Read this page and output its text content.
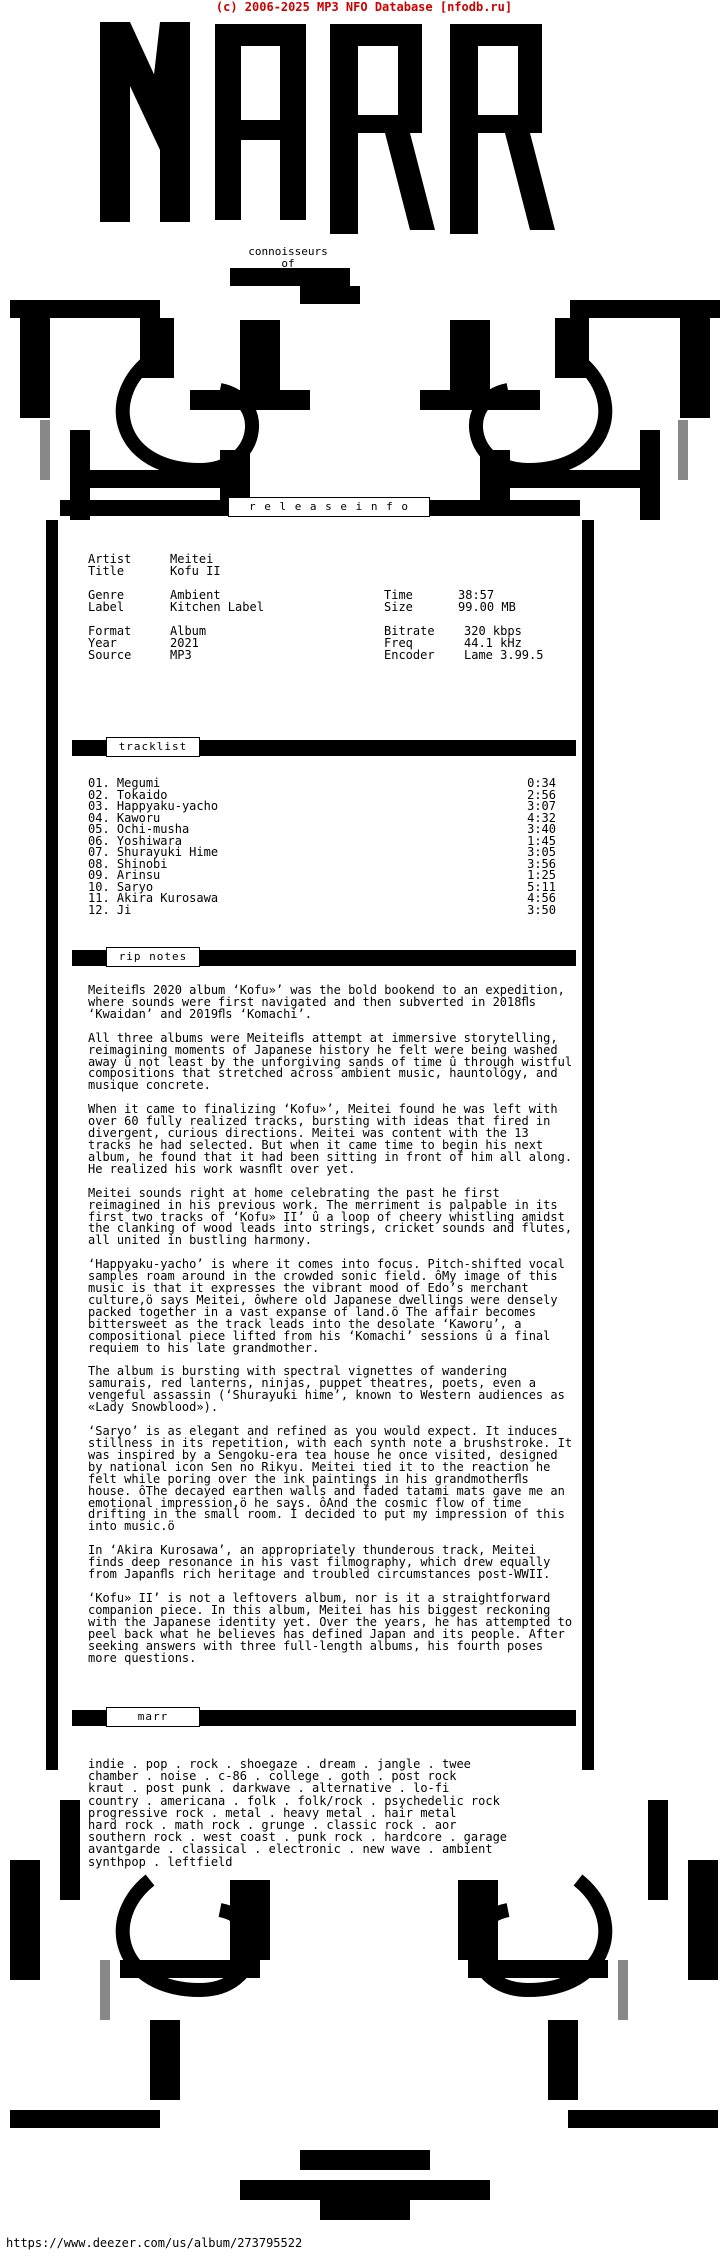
(c) 2006-2025 MP3 NFO Database [nfodb.ru]
connoisseurs
of
classics
r e l e a s e i n f o
Artist	Meitei
Title	Kofu II
Genre	Ambient
Label	Kitchen Label
Time	38:57
Size	99.00 MB
Format	Album
Year	2021
Source	MP3
Bitrate 320 kbps
Freq	44.1 kHz
Encoder Lame 3.99.5
tracklist
01. Megumi	0:34
02. Tokaido	2:56
03. Happyaku-yacho	3:07
04. Kaworu	4:32
05. Ochi-musha	3:40
06. Yoshiwara	1:45
07. Shurayuki Hime	3:05
08. Shinobi	3:56
09. Arinsu	1:25
10. Saryo	5:11
11. Akira Kurosawa	4:56
12. Ji	3:50
rip notes

Meiteiﬂs 2020 album ‘Kofu»’ was the bold bookend to an expedition, where sounds were first navigated and then subverted in 2018ﬂs ‘Kwaidan’ and 2019ﬂs ‘Komachi’.

All three albums were Meiteiﬂs attempt at immersive storytelling, reimagining moments of Japanese history he felt were being washed away û not least by the unforgiving sands of time û through wistful compositions that stretched across ambient music, hauntology, and musique concrete.

When it came to finalizing ‘Kofu»’, Meitei found he was left with over 60 fully realized tracks, bursting with ideas that fired in divergent, curious directions. Meitei was content with the 13 tracks he had selected. But when it came time to begin his next album, he found that it had been sitting in front of him all along. He realized his work wasnﬂt over yet.

Meitei sounds right at home celebrating the past he first reimagined in his previous work. The merriment is palpable in its first two tracks of ‘Kofu» II’ û a loop of cheery whistling amidst the clanking of wood leads into strings, cricket sounds and flutes, all united in bustling harmony.

‘Happyaku-yacho’ is where it comes into focus. Pitch-shifted vocal samples roam around in the crowded sonic field. ôMy image of this music is that it expresses the vibrant mood of Edo’s merchant culture,ö says Meitei, ôwhere old Japanese dwellings were densely packed together in a vast expanse of land.ö The affair becomes bittersweet as the track leads into the desolate ‘Kaworu’, a compositional piece lifted from his ‘Komachi’ sessions û a final requiem to his late grandmother.

The album is bursting with spectral vignettes of wandering samurais, red lanterns, ninjas, puppet theatres, poets, even a vengeful assassin (‘Shurayuki hime’, known to Western audiences as «Lady Snowblood»).

‘Saryo’ is as elegant and refined as you would expect. It induces stillness in its repetition, with each synth note a brushstroke. It was inspired by a Sengoku-era tea house he once visited, designed by national icon Sen no Rikyu. Meitei tied it to the reaction he felt while poring over the ink paintings in his grandmotherﬂs house. ôThe decayed earthen walls and faded tatami mats gave me an emotional impression,ö he says. ôAnd the cosmic flow of time drifting in the small room. I decided to put my impression of this into music.ö

In ‘Akira Kurosawa’, an appropriately thunderous track, Meitei finds deep resonance in his vast filmography, which drew equally from Japanﬂs rich heritage and troubled circumstances post-WWII.

‘Kofu» II’ is not a leftovers album, nor is it a straightforward companion piece. In this album, Meitei has his biggest reckoning with the Japanese identity yet. Over the years, he has attempted to peel back what he believes has defined Japan and its people. After seeking answers with three full-length albums, his fourth poses more questions.

marr
indie . pop . rock . shoegaze . dream . jangle . twee
chamber . noise . c-86 . college . goth . post rock
kraut . post punk . darkwave . alternative . lo-fi
country . americana . folk . folk/rock . psychedelic rock
progressive rock . metal . heavy metal . hair metal
hard rock . math rock . grunge . classic rock . aor
southern rock . west coast . punk rock . hardcore . garage
avantgarde . classical . electronic . new wave . ambient
synthpop . leftfield
https://www.deezer.com/us/album/273795522
